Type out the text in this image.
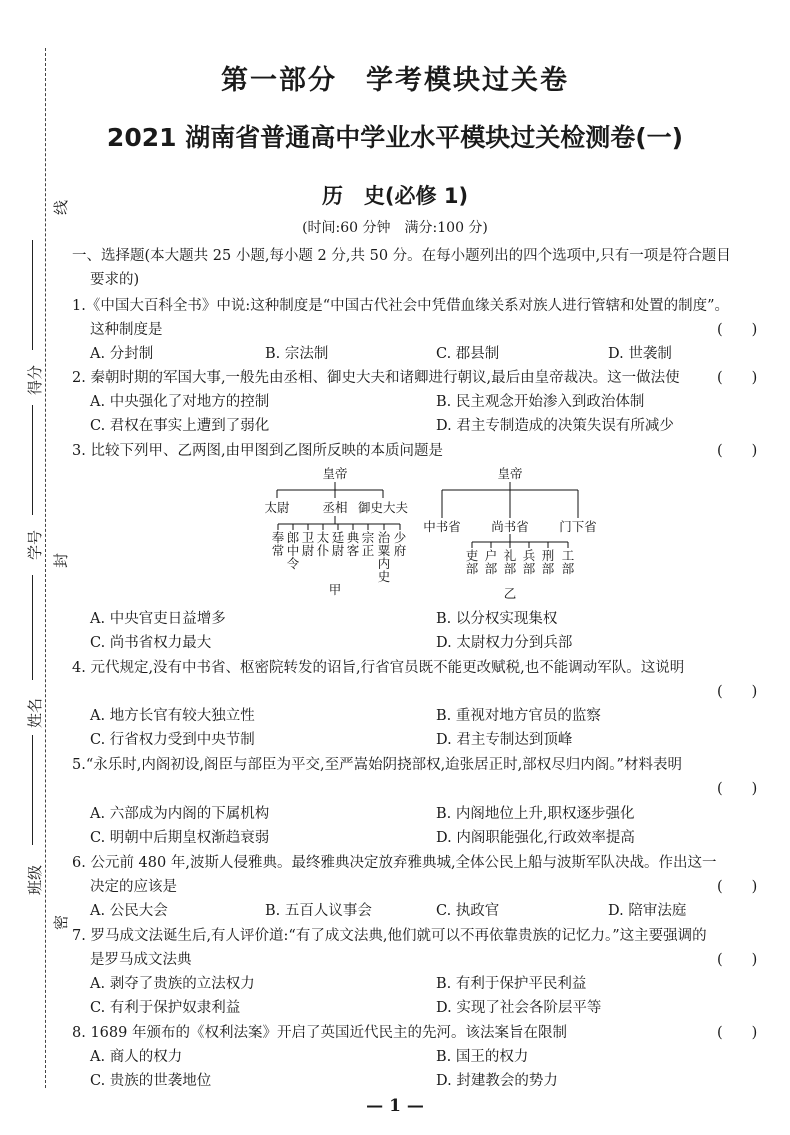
线
得分
封
学号
姓名
班级
密
第一部分　学考模块过关卷
2021 湖南省普通高中学业水平模块过关检测卷(一)
历　史(必修 1)
(时间:60 分钟　满分:100 分)
一、选择题(本大题共 25 小题,每小题 2 分,共 50 分。在每小题列出的四个选项中,只有一项是符合题目
要求的)
1.《中国大百科全书》中说:这种制度是“中国古代社会中凭借血缘关系对族人进行管辖和处置的制度”。
这种制度是	(　　)
A. 分封制	B. 宗法制	C. 郡县制	D. 世袭制
2. 秦朝时期的军国大事,一般先由丞相、御史大夫和诸卿进行朝议,最后由皇帝裁决。这一做法使	(　　)
A. 中央强化了对地方的控制	B. 民主观念开始渗入到政治体制
C. 君权在事实上遭到了弱化	D. 君主专制造成的决策失误有所减少
3. 比较下列甲、乙两图,由甲图到乙图所反映的本质问题是	(　　)
皇帝
太尉	丞相 御史大夫
奉常
郎中令
卫尉
太仆
廷尉
典客
宗正
治粟内史
少府
甲
皇帝
中书省 尚书省 门下省
吏部
户部
礼部
兵部
刑部
工部
乙
A. 中央官吏日益增多	B. 以分权实现集权
C. 尚书省权力最大	D. 太尉权力分到兵部
4. 元代规定,没有中书省、枢密院转发的诏旨,行省官员既不能更改赋税,也不能调动军队。这说明
(　　)
A. 地方长官有较大独立性	B. 重视对地方官员的监察
C. 行省权力受到中央节制	D. 君主专制达到顶峰
5.“永乐时,内阁初设,阁臣与部臣为平交,至严嵩始阴挠部权,迨张居正时,部权尽归内阁。”材料表明
(　　)
A. 六部成为内阁的下属机构	B. 内阁地位上升,职权逐步强化
C. 明朝中后期皇权渐趋衰弱	D. 内阁职能强化,行政效率提高
6. 公元前 480 年,波斯人侵雅典。最终雅典决定放弃雅典城,全体公民上船与波斯军队决战。作出这一
决定的应该是	(　　)
A. 公民大会	B. 五百人议事会	C. 执政官	D. 陪审法庭
7. 罗马成文法诞生后,有人评价道:“有了成文法典,他们就可以不再依靠贵族的记忆力。”这主要强调的
是罗马成文法典	(　　)
A. 剥夺了贵族的立法权力	B. 有利于保护平民利益
C. 有利于保护奴隶利益	D. 实现了社会各阶层平等
8. 1689 年颁布的《权利法案》开启了英国近代民主的先河。该法案旨在限制	(　　)
A. 商人的权力	B. 国王的权力
C. 贵族的世袭地位	D. 封建教会的势力
— 1 —
